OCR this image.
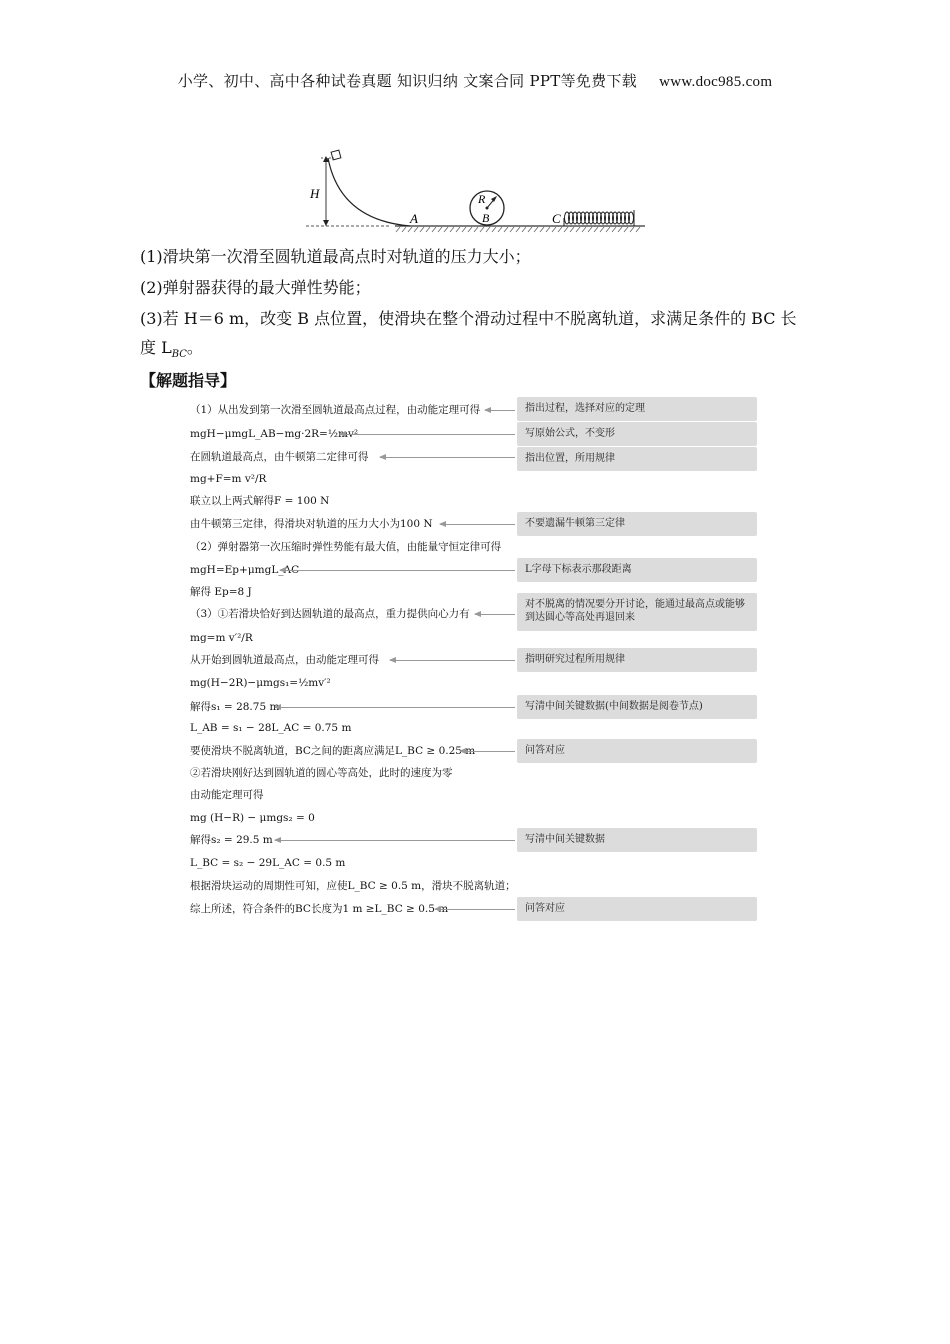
小学、初中、高中各种试卷真题 知识归纳 文案合同 PPT等免费下载 www.doc985.com
H
A
R
B	C
(1)滑块第一次滑至圆轨道最高点时对轨道的压力大小；
(2)弹射器获得的最大弹性势能；
(3)若 H＝6 m，改变 B 点位置，使滑块在整个滑动过程中不脱离轨道，求满足条件的 BC 长
度 $L_{BC}$。
【解题指导】
（1）从出发到第一次滑至圆轨道最高点过程，由动能定理可得
mgH−μmgL_AB−mg·2R=½mv²
在圆轨道最高点，由牛顿第二定律可得
mg+F=m v²/R
联立以上两式解得F = 100 N
由牛顿第三定律，得滑块对轨道的压力大小为100 N
（2）弹射器第一次压缩时弹性势能有最大值，由能量守恒定律可得
mgH=Ep+μmgL_AC
解得 Ep=8 J
（3）①若滑块恰好到达圆轨道的最高点，重力提供向心力有
mg=m v′²/R
从开始到圆轨道最高点，由动能定理可得
mg(H−2R)−μmgs₁=½mv′²
解得s₁ = 28.75 m
L_AB = s₁ − 28L_AC = 0.75 m
要使滑块不脱离轨道，BC之间的距离应满足L_BC ≥ 0.25 m
②若滑块刚好达到圆轨道的圆心等高处，此时的速度为零
由动能定理可得
mg (H−R) − μmgs₂ = 0
解得s₂ = 29.5 m
L_BC = s₂ − 29L_AC = 0.5 m
根据滑块运动的周期性可知，应使L_BC ≥ 0.5 m，滑块不脱离轨道；
综上所述，符合条件的BC长度为1 m ≥L_BC ≥ 0.5 m
指出过程，选择对应的定理
写原始公式，不变形
指出位置，所用规律
不要遗漏牛顿第三定律
L字母下标表示那段距离
对不脱离的情况要分开讨论，能通过最高点或能够到达圆心等高处再退回来
指明研究过程所用规律
写清中间关键数据(中间数据是阅卷节点)
问答对应
写清中间关键数据
问答对应
